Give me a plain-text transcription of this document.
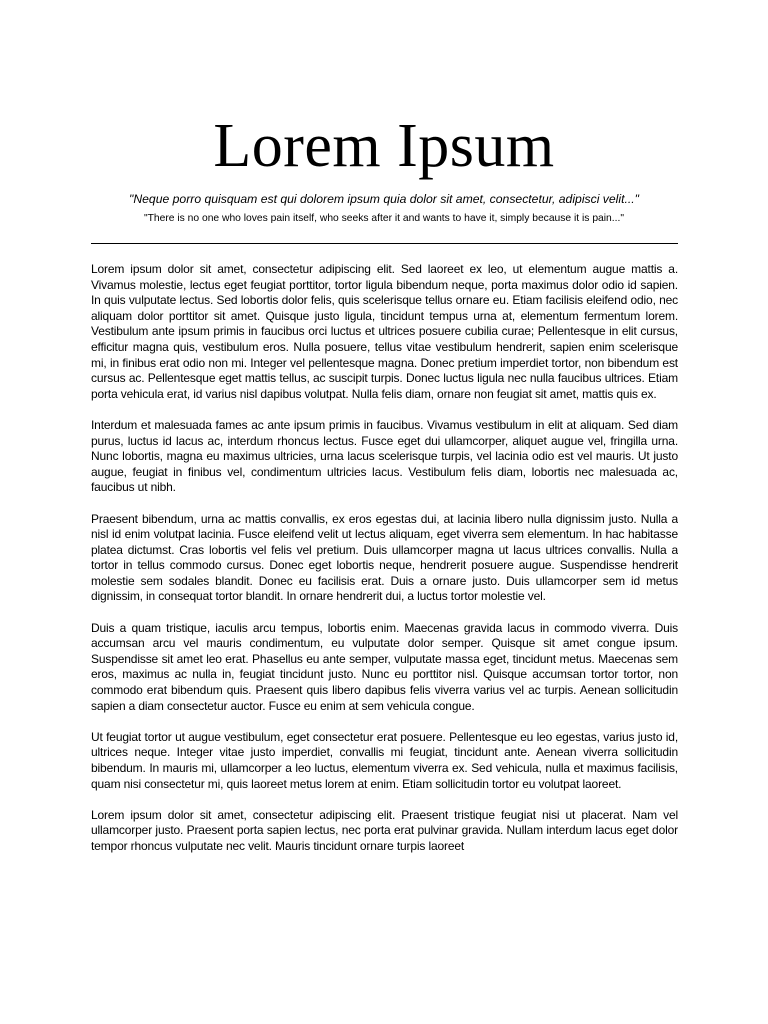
Lorem Ipsum
"Neque porro quisquam est qui dolorem ipsum quia dolor sit amet, consectetur, adipisci velit..."
"There is no one who loves pain itself, who seeks after it and wants to have it, simply because it is pain..."

Lorem ipsum dolor sit amet, consectetur adipiscing elit. Sed laoreet ex leo, ut elementum augue mattis a. Vivamus molestie, lectus eget feugiat porttitor, tortor ligula bibendum neque, porta maximus dolor odio id sapien. In quis vulputate lectus. Sed lobortis dolor felis, quis scelerisque tellus ornare eu. Etiam facilisis eleifend odio, nec aliquam dolor porttitor sit amet. Quisque justo ligula, tincidunt tempus urna at, elementum fermentum lorem. Vestibulum ante ipsum primis in faucibus orci luctus et ultrices posuere cubilia curae; Pellentesque in elit cursus, efficitur magna quis, vestibulum eros. Nulla posuere, tellus vitae vestibulum hendrerit, sapien enim scelerisque mi, in finibus erat odio non mi. Integer vel pellentesque magna. Donec pretium imperdiet tortor, non bibendum est cursus ac. Pellentesque eget mattis tellus, ac suscipit turpis. Donec luctus ligula nec nulla faucibus ultrices. Etiam porta vehicula erat, id varius nisl dapibus volutpat. Nulla felis diam, ornare non feugiat sit amet, mattis quis ex.

Interdum et malesuada fames ac ante ipsum primis in faucibus. Vivamus vestibulum in elit at aliquam. Sed diam purus, luctus id lacus ac, interdum rhoncus lectus. Fusce eget dui ullamcorper, aliquet augue vel, fringilla urna. Nunc lobortis, magna eu maximus ultricies, urna lacus scelerisque turpis, vel lacinia odio est vel mauris. Ut justo augue, feugiat in finibus vel, condimentum ultricies lacus. Vestibulum felis diam, lobortis nec malesuada ac, faucibus ut nibh.

Praesent bibendum, urna ac mattis convallis, ex eros egestas dui, at lacinia libero nulla dignissim justo. Nulla a nisl id enim volutpat lacinia. Fusce eleifend velit ut lectus aliquam, eget viverra sem elementum. In hac habitasse platea dictumst. Cras lobortis vel felis vel pretium. Duis ullamcorper magna ut lacus ultrices convallis. Nulla a tortor in tellus commodo cursus. Donec eget lobortis neque, hendrerit posuere augue. Suspendisse hendrerit molestie sem sodales blandit. Donec eu facilisis erat. Duis a ornare justo. Duis ullamcorper sem id metus dignissim, in consequat tortor blandit. In ornare hendrerit dui, a luctus tortor molestie vel.

Duis a quam tristique, iaculis arcu tempus, lobortis enim. Maecenas gravida lacus in commodo viverra. Duis accumsan arcu vel mauris condimentum, eu vulputate dolor semper. Quisque sit amet congue ipsum. Suspendisse sit amet leo erat. Phasellus eu ante semper, vulputate massa eget, tincidunt metus. Maecenas sem eros, maximus ac nulla in, feugiat tincidunt justo. Nunc eu porttitor nisl. Quisque accumsan tortor tortor, non commodo erat bibendum quis. Praesent quis libero dapibus felis viverra varius vel ac turpis. Aenean sollicitudin sapien a diam consectetur auctor. Fusce eu enim at sem vehicula congue.

Ut feugiat tortor ut augue vestibulum, eget consectetur erat posuere. Pellentesque eu leo egestas, varius justo id, ultrices neque. Integer vitae justo imperdiet, convallis mi feugiat, tincidunt ante. Aenean viverra sollicitudin bibendum. In mauris mi, ullamcorper a leo luctus, elementum viverra ex. Sed vehicula, nulla et maximus facilisis, quam nisi consectetur mi, quis laoreet metus lorem at enim. Etiam sollicitudin tortor eu volutpat laoreet.

Lorem ipsum dolor sit amet, consectetur adipiscing elit. Praesent tristique feugiat nisi ut placerat. Nam vel ullamcorper justo. Praesent porta sapien lectus, nec porta erat pulvinar gravida. Nullam interdum lacus eget dolor tempor rhoncus vulputate nec velit. Mauris tincidunt ornare turpis laoreet
